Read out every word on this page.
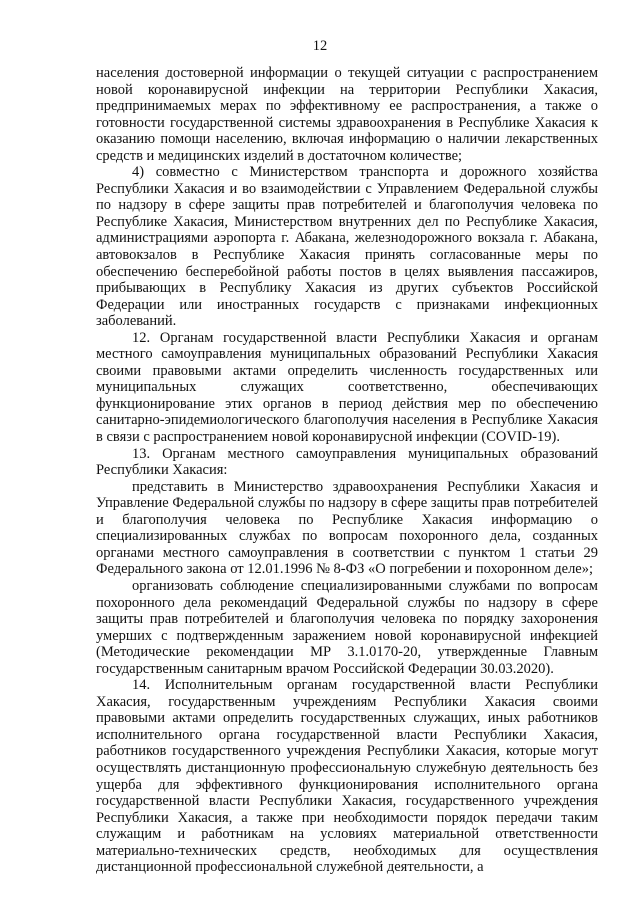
12

населения достоверной информации о текущей ситуации с распространением новой коронавирусной инфекции на территории Республики Хакасия, предпринимаемых мерах по эффективному ее распространения, а также о готовности государственной системы здравоохранения в Республике Хакасия к оказанию помощи населению, включая информацию о наличии лекарственных средств и медицинских изделий в достаточном количестве;

4) совместно с Министерством транспорта и дорожного хозяйства Республики Хакасия и во взаимодействии с Управлением Федеральной службы по надзору в сфере защиты прав потребителей и благополучия человека по Республике Хакасия, Министерством внутренних дел по Республике Хакасия, администрациями аэропорта г. Абакана, железнодорожного вокзала г. Абакана, автовокзалов в Республике Хакасия принять согласованные меры по обеспечению бесперебойной работы постов в целях выявления пассажиров, прибывающих в Республику Хакасия из других субъектов Российской Федерации или иностранных государств с признаками инфекционных заболеваний.

12. Органам государственной власти Республики Хакасия и органам местного самоуправления муниципальных образований Республики Хакасия своими правовыми актами определить численность государственных или муниципальных служащих соответственно, обеспечивающих функционирование этих органов в период действия мер по обеспечению санитарно-эпидемиологического благополучия населения в Республике Хакасия в связи с распространением новой коронавирусной инфекции (COVID-19).

13. Органам местного самоуправления муниципальных образований Республики Хакасия:

представить в Министерство здравоохранения Республики Хакасия и Управление Федеральной службы по надзору в сфере защиты прав потребителей и благополучия человека по Республике Хакасия информацию о специализированных службах по вопросам похоронного дела, созданных органами местного самоуправления в соответствии с пунктом 1 статьи 29 Федерального закона от 12.01.1996 № 8-ФЗ «О погребении и похоронном деле»;

организовать соблюдение специализированными службами по вопросам похоронного дела рекомендаций Федеральной службы по надзору в сфере защиты прав потребителей и благополучия человека по порядку захоронения умерших с подтвержденным заражением новой коронавирусной инфекцией (Методические рекомендации МР 3.1.0170-20, утвержденные Главным государственным санитарным врачом Российской Федерации 30.03.2020).

14. Исполнительным органам государственной власти Республики Хакасия, государственным учреждениям Республики Хакасия своими правовыми актами определить государственных служащих, иных работников исполнительного органа государственной власти Республики Хакасия, работников государственного учреждения Республики Хакасия, которые могут осуществлять дистанционную профессиональную служебную деятельность без ущерба для эффективного функционирования исполнительного органа государственной власти Республики Хакасия, государственного учреждения Республики Хакасия, а также при необходимости порядок передачи таким служащим и работникам на условиях материальной ответственности материально-технических средств, необходимых для осуществления дистанционной профессиональной служебной деятельности, а
